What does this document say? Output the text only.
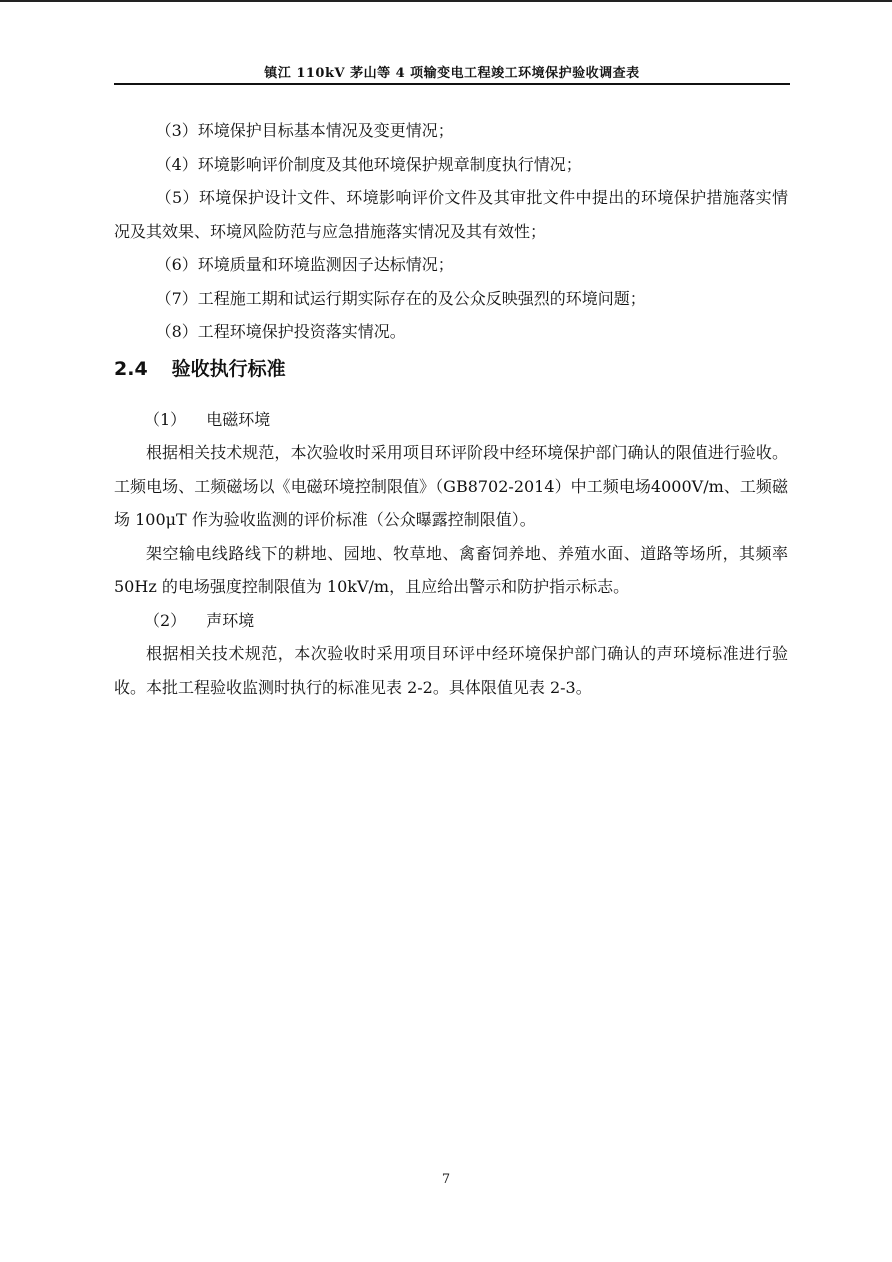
镇江 110kV 茅山等 4 项输变电工程竣工环境保护验收调查表

（3）环境保护目标基本情况及变更情况；

（4）环境影响评价制度及其他环境保护规章制度执行情况；

（5）环境保护设计文件、环境影响评价文件及其审批文件中提出的环境保护措施落实情况及其效果、环境风险防范与应急措施落实情况及其有效性；

（6）环境质量和环境监测因子达标情况；

（7）工程施工期和试运行期实际存在的及公众反映强烈的环境问题；

（8）工程环境保护投资落实情况。

2.4 验收执行标准
（1） 电磁环境

根据相关技术规范，本次验收时采用项目环评阶段中经环境保护部门确认的限值进行验收。工频电场、工频磁场以《电磁环境控制限值》（GB8702-2014）中工频电场4000V/m、工频磁场 100μT 作为验收监测的评价标准（公众曝露控制限值）。

架空输电线路线下的耕地、园地、牧草地、禽畜饲养地、养殖水面、道路等场所，其频率 50Hz 的电场强度控制限值为 10kV/m，且应给出警示和防护指示标志。

（2） 声环境

根据相关技术规范，本次验收时采用项目环评中经环境保护部门确认的声环境标准进行验收。本批工程验收监测时执行的标准见表 2-2。具体限值见表 2-3。

7
